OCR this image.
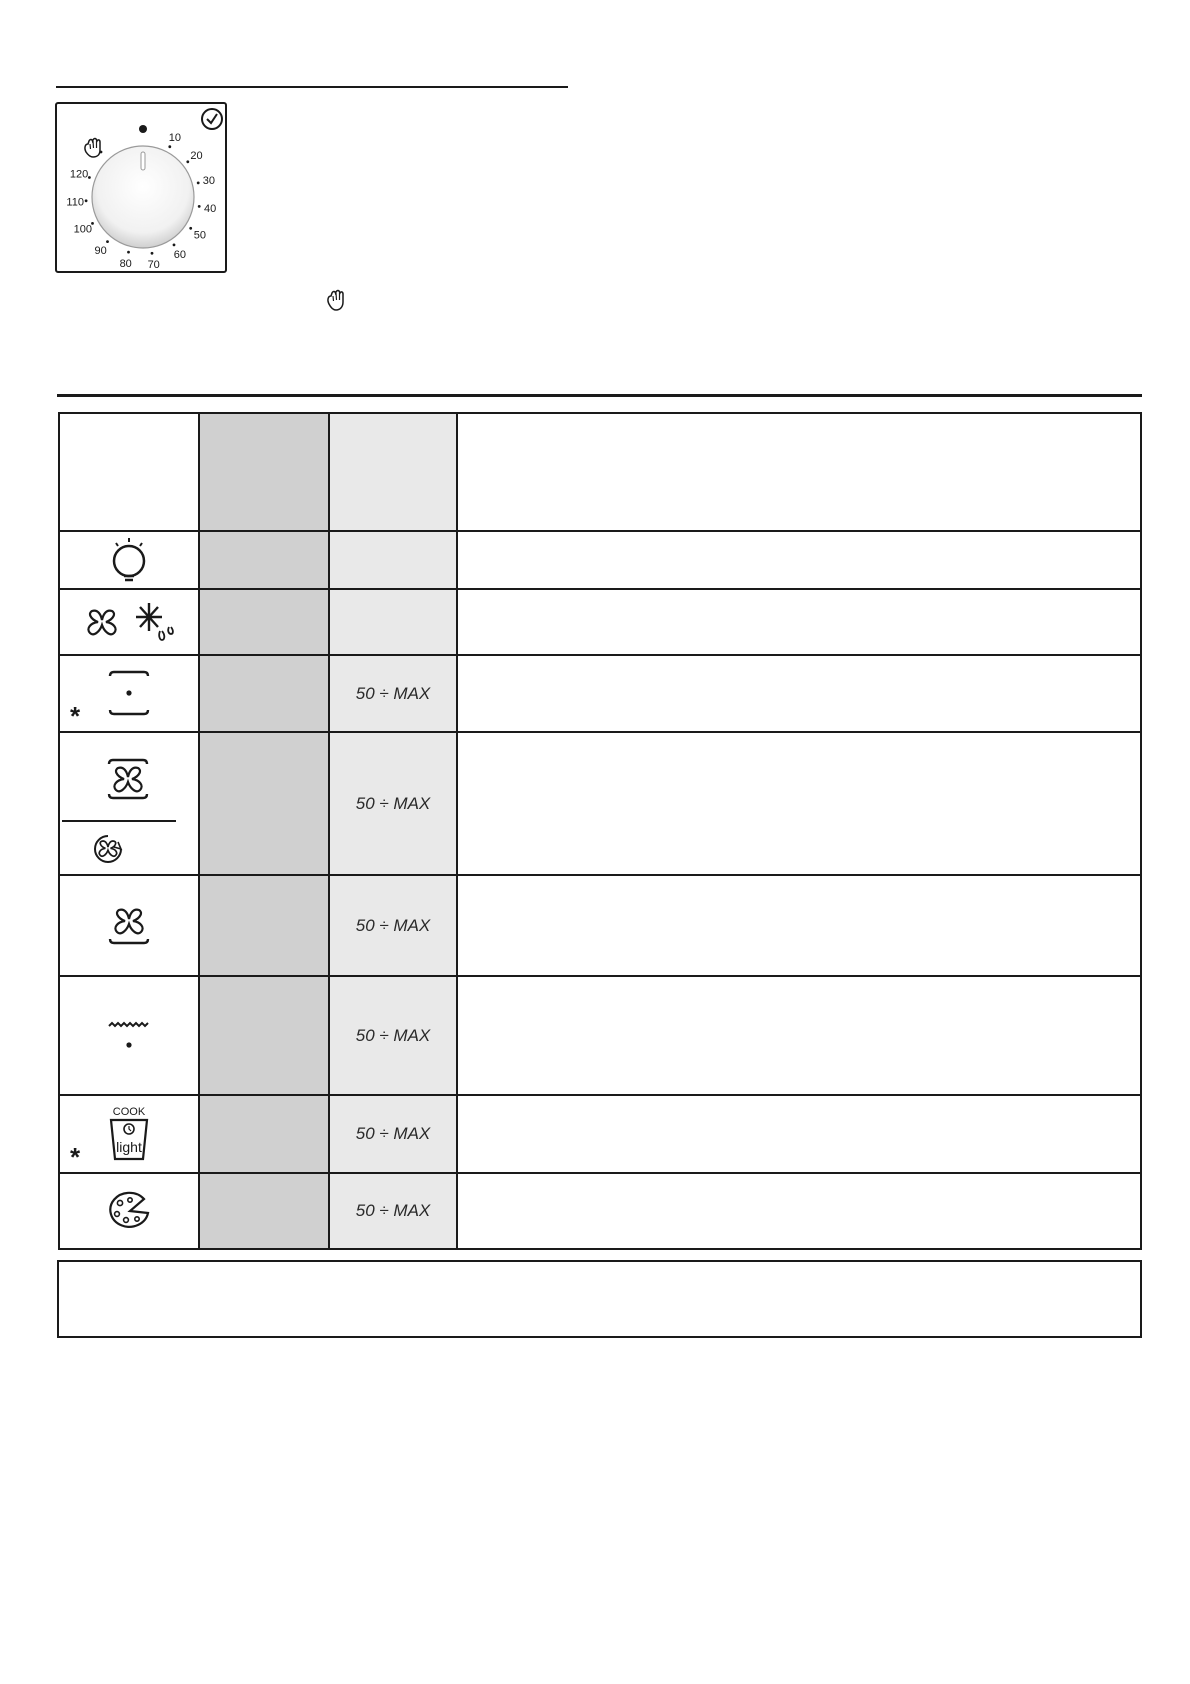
10
20
30
40
50
60
70
80
90
100
110
120

*		50 ÷ MAX	

		50 ÷ MAX	
		50 ÷ MAX	
		50 ÷ MAX	

COOK
light
*		50 ÷ MAX	
		50 ÷ MAX	
